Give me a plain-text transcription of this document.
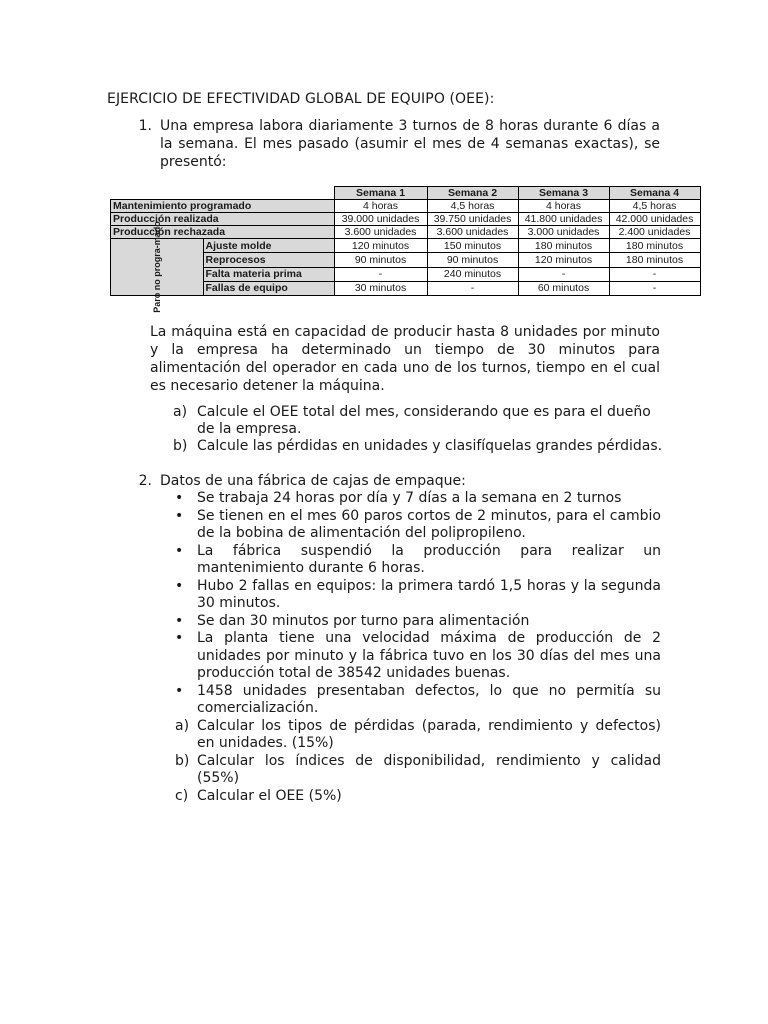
EJERCICIO DE EFECTIVIDAD GLOBAL DE EQUIPO (OEE):
1. Una empresa labora diariamente 3 turnos de 8 horas durante 6 días a la semana. El mes pasado (asumir el mes de 4 semanas exactas), se presentó:
		Semana 1	Semana 2	Semana 3	Semana 4
Mantenimiento programado		4 horas	4,5 horas	4 horas	4,5 horas
Producción realizada		39.000 unidades	39.750 unidades	41.800 unidades	42.000 unidades
Producción rechazada		3.600 unidades	3.600 unidades	3.000 unidades	2.400 unidades

Paro no progra-mado	Ajuste molde	120 minutos	150 minutos	180 minutos	180 minutos
	Reprocesos	90 minutos	90 minutos	120 minutos	180 minutos
	Falta materia prima	-	240 minutos	-	-
	Fallas de equipo	30 minutos	-	60 minutos	-
La máquina está en capacidad de producir hasta 8 unidades por minuto y la empresa ha determinado un tiempo de 30 minutos para alimentación del operador en cada uno de los turnos, tiempo en el cual es necesario detener la máquina.
a) Calcule el OEE total del mes, considerando que es para el dueño de la empresa.
b) Calcule las pérdidas en unidades y clasifíquelas grandes pérdidas.
2. Datos de una fábrica de cajas de empaque:
• Se trabaja 24 horas por día y 7 días a la semana en 2 turnos
• Se tienen en el mes 60 paros cortos de 2 minutos, para el cambio de la bobina de alimentación del polipropileno.
• La fábrica suspendió la producción para realizar un mantenimiento durante 6 horas.
• Hubo 2 fallas en equipos: la primera tardó 1,5 horas y la segunda 30 minutos.
• Se dan 30 minutos por turno para alimentación
• La planta tiene una velocidad máxima de producción de 2 unidades por minuto y la fábrica tuvo en los 30 días del mes una producción total de 38542 unidades buenas.
• 1458 unidades presentaban defectos, lo que no permitía su comercialización.
a) Calcular los tipos de pérdidas (parada, rendimiento y defectos) en unidades. (15%)
b) Calcular los índices de disponibilidad, rendimiento y calidad (55%)
c) Calcular el OEE (5%)
